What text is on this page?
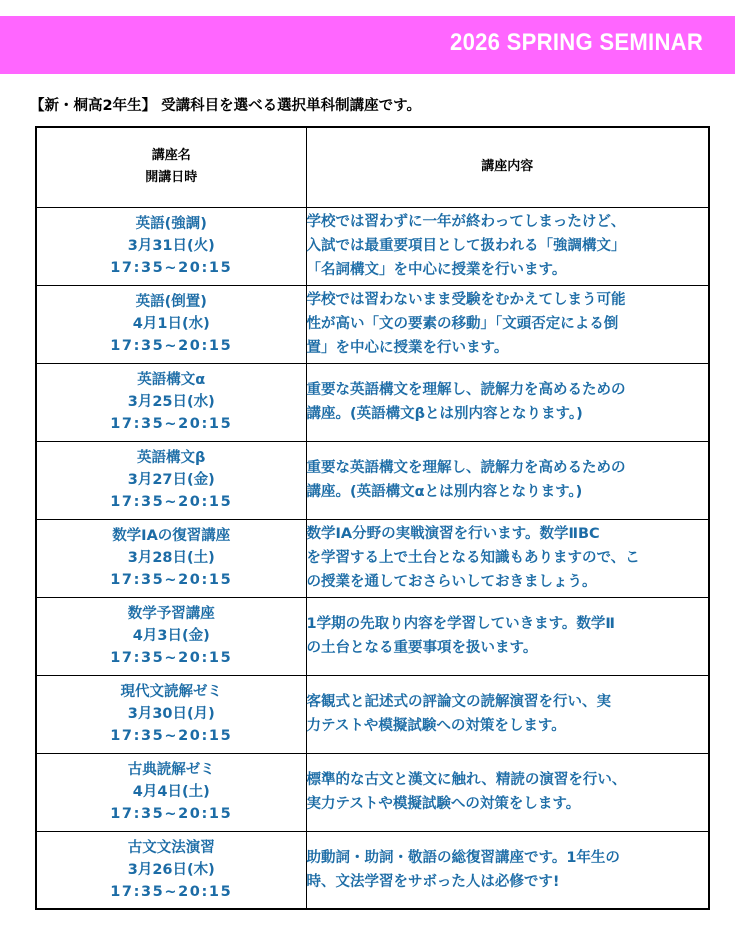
2026 SPRING SEMINAR
【新・桐高2年生】 受講科目を選べる選択単科制講座です。
講座名
開講日時	講座内容

英語(強調)
3月31日(火)
17:35~20:15	学校では習わずに一年が終わってしまったけど、
入試では最重要項目として扱われる「強調構文」
「名詞構文」を中心に授業を行います。

英語(倒置)
4月1日(水)
17:35~20:15	学校では習わないまま受験をむかえてしまう可能
性が高い「文の要素の移動」「文頭否定による倒
置」を中心に授業を行います。

英語構文α
3月25日(水)
17:35~20:15	重要な英語構文を理解し、読解力を高めるための
講座。(英語構文βとは別内容となります。)

英語構文β
3月27日(金)
17:35~20:15	重要な英語構文を理解し、読解力を高めるための
講座。(英語構文αとは別内容となります。)

数学ⅠAの復習講座
3月28日(土)
17:35~20:15	数学ⅠA分野の実戦演習を行います。数学ⅡBC
を学習する上で土台となる知識もありますので、こ
の授業を通しておさらいしておきましょう。

数学予習講座
4月3日(金)
17:35~20:15	1学期の先取り内容を学習していきます。数学Ⅱ
の土台となる重要事項を扱います。

現代文読解ゼミ
3月30日(月)
17:35~20:15	客観式と記述式の評論文の読解演習を行い、実
力テストや模擬試験への対策をします。

古典読解ゼミ
4月4日(土)
17:35~20:15	標準的な古文と漢文に触れ、精読の演習を行い、
実力テストや模擬試験への対策をします。

古文文法演習
3月26日(木)
17:35~20:15	助動詞・助詞・敬語の総復習講座です。1年生の
時、文法学習をサボった人は必修です!
